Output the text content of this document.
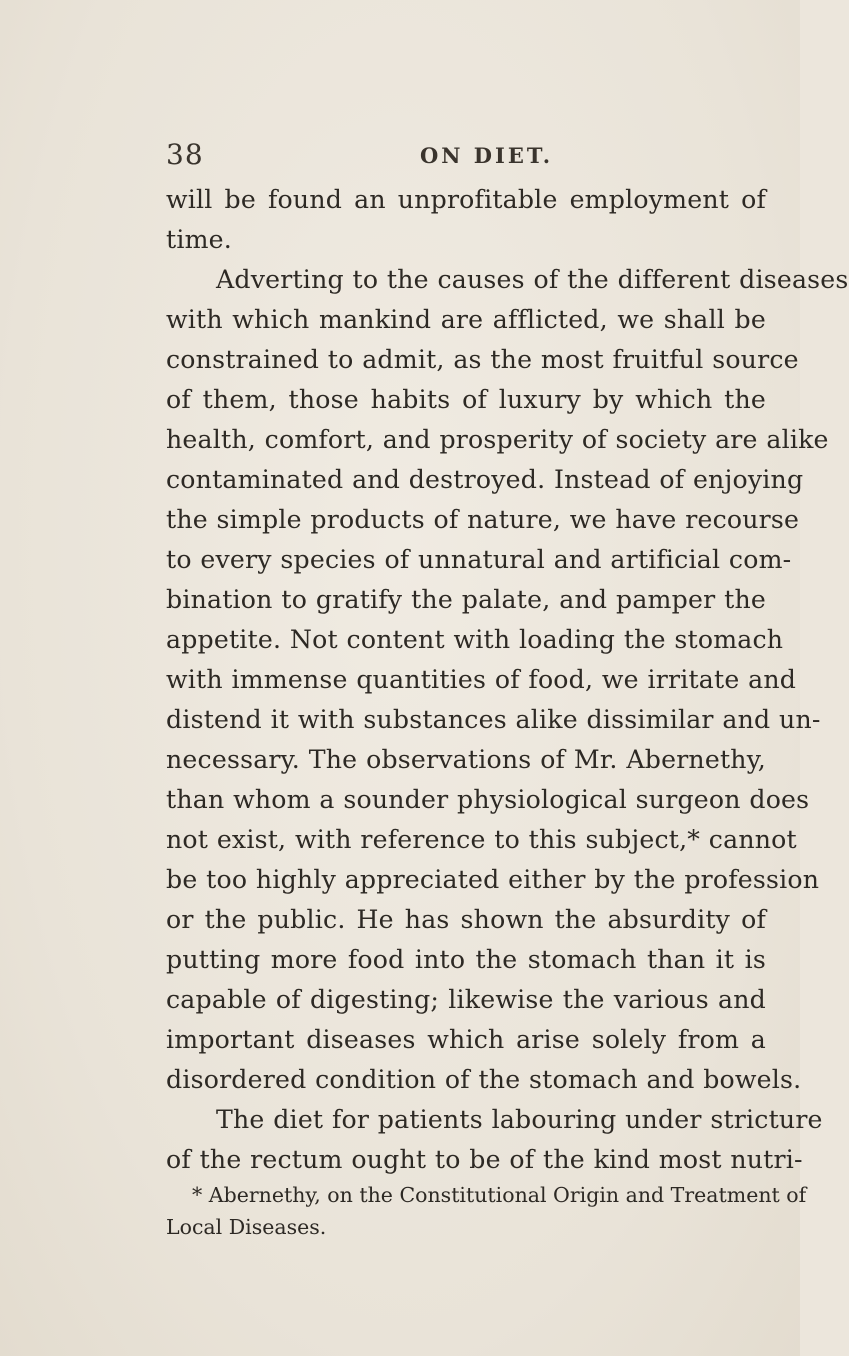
38	ON DIET.
will be found an unprofitable employment of
time.
Adverting to the causes of the different diseases
with which mankind are afflicted, we shall be
constrained to admit, as the most fruitful source
of them, those habits of luxury by which the
health, comfort, and prosperity of society are alike
contaminated and destroyed. Instead of enjoying
the simple products of nature, we have recourse
to every species of unnatural and artificial com-
bination to gratify the palate, and pamper the
appetite. Not content with loading the stomach
with immense quantities of food, we irritate and
distend it with substances alike dissimilar and un-
necessary. The observations of Mr. Abernethy,
than whom a sounder physiological surgeon does
not exist, with reference to this subject,* cannot
be too highly appreciated either by the profession
or the public. He has shown the absurdity of
putting more food into the stomach than it is
capable of digesting; likewise the various and
important diseases which arise solely from a
disordered condition of the stomach and bowels.
The diet for patients labouring under stricture
of the rectum ought to be of the kind most nutri-
* Abernethy, on the Constitutional Origin and Treatment of
Local Diseases.
